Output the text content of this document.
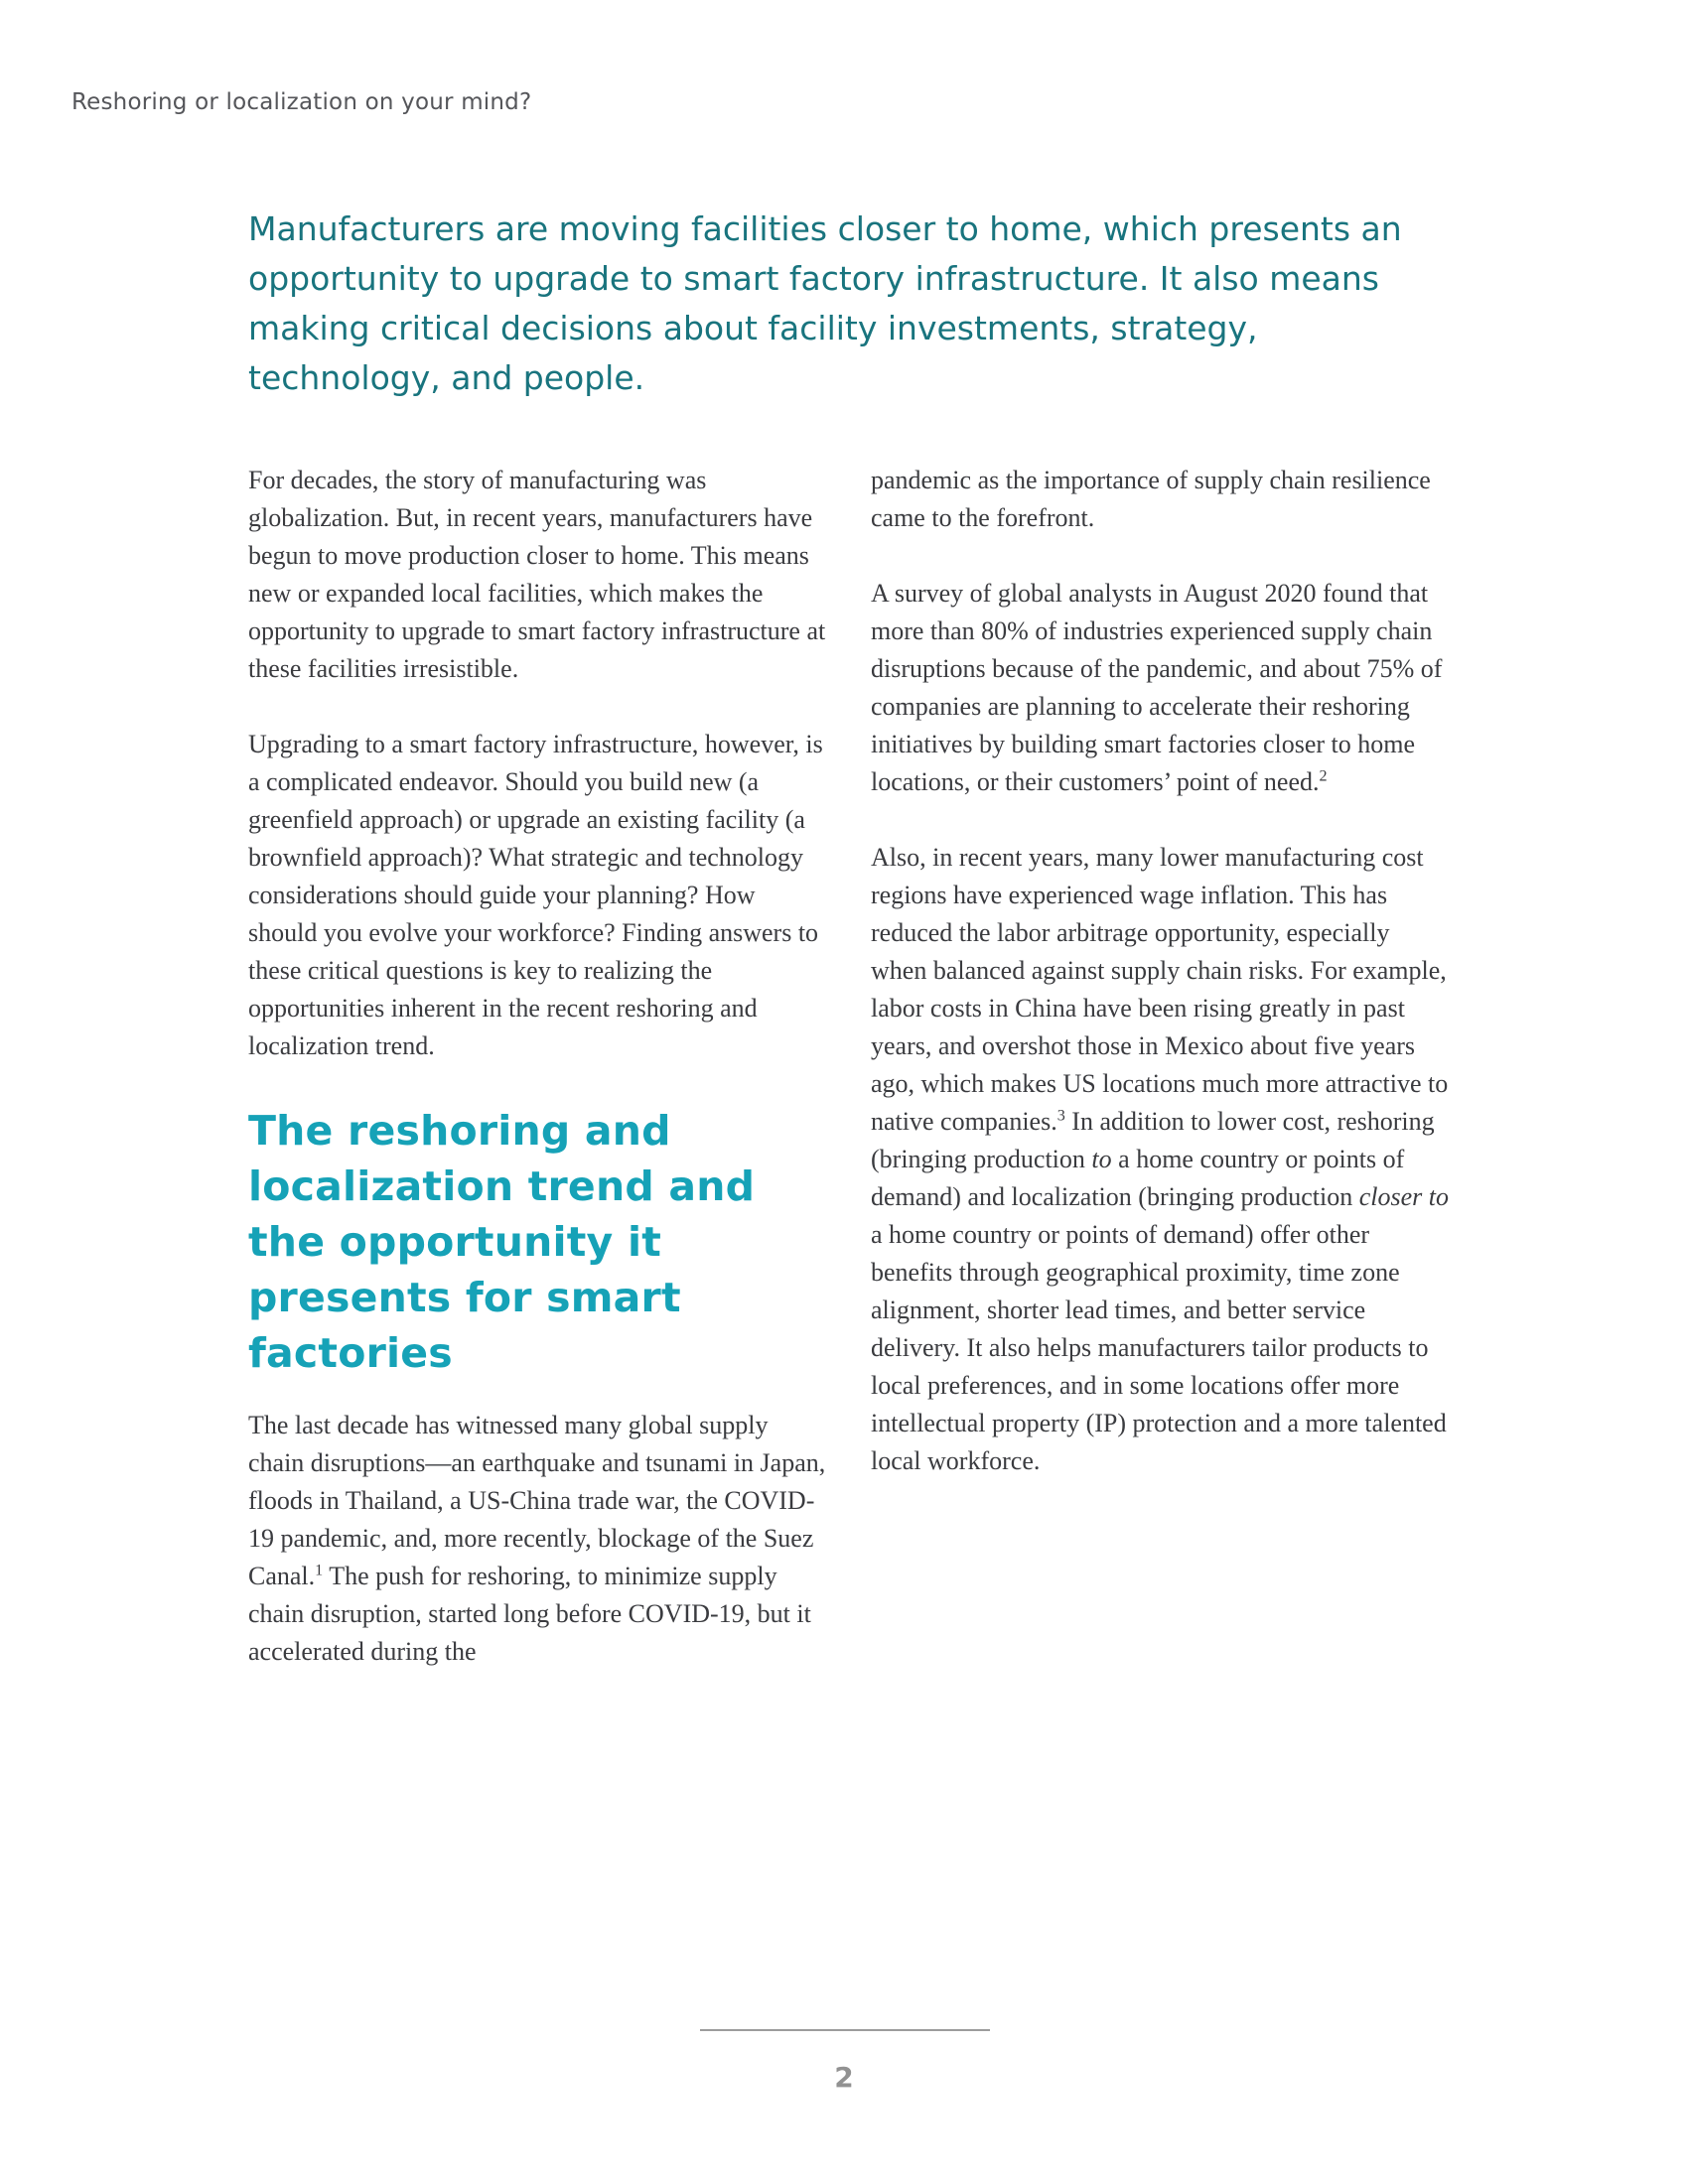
Reshoring or localization on your mind?

Manufacturers are moving facilities closer to home, which presents an opportunity to upgrade to smart factory infrastructure. It also means making critical decisions about facility investments, strategy, technology, and people.

For decades, the story of manufacturing was globalization. But, in recent years, manufacturers have begun to move production closer to home. This means new or expanded local facilities, which makes the opportunity to upgrade to smart factory infrastructure at these facilities irresistible.

Upgrading to a smart factory infrastructure, however, is a complicated endeavor. Should you build new (a greenfield approach) or upgrade an existing facility (a brownfield approach)? What strategic and technology considerations should guide your planning? How should you evolve your workforce? Finding answers to these critical questions is key to realizing the opportunities inherent in the recent reshoring and localization trend.

The reshoring and localization trend and the opportunity it presents for smart factories

The last decade has witnessed many global supply chain disruptions—an earthquake and tsunami in Japan, floods in Thailand, a US-China trade war, the COVID-19 pandemic, and, more recently, blockage of the Suez Canal.$^1$ The push for reshoring, to minimize supply chain disruption, started long before COVID-19, but it accelerated during the

pandemic as the importance of supply chain resilience came to the forefront.

A survey of global analysts in August 2020 found that more than 80% of industries experienced supply chain disruptions because of the pandemic, and about 75% of companies are planning to accelerate their reshoring initiatives by building smart factories closer to home locations, or their customers’ point of need.$^2$

Also, in recent years, many lower manufacturing cost regions have experienced wage inflation. This has reduced the labor arbitrage opportunity, especially when balanced against supply chain risks. For example, labor costs in China have been rising greatly in past years, and overshot those in Mexico about five years ago, which makes US locations much more attractive to native companies.$^3$ In addition to lower cost, reshoring (bringing production to a home country or points of demand) and localization (bringing production closer to a home country or points of demand) offer other benefits through geographical proximity, time zone alignment, shorter lead times, and better service delivery. It also helps manufacturers tailor products to local preferences, and in some locations offer more intellectual property (IP) protection and a more talented local workforce.

2
